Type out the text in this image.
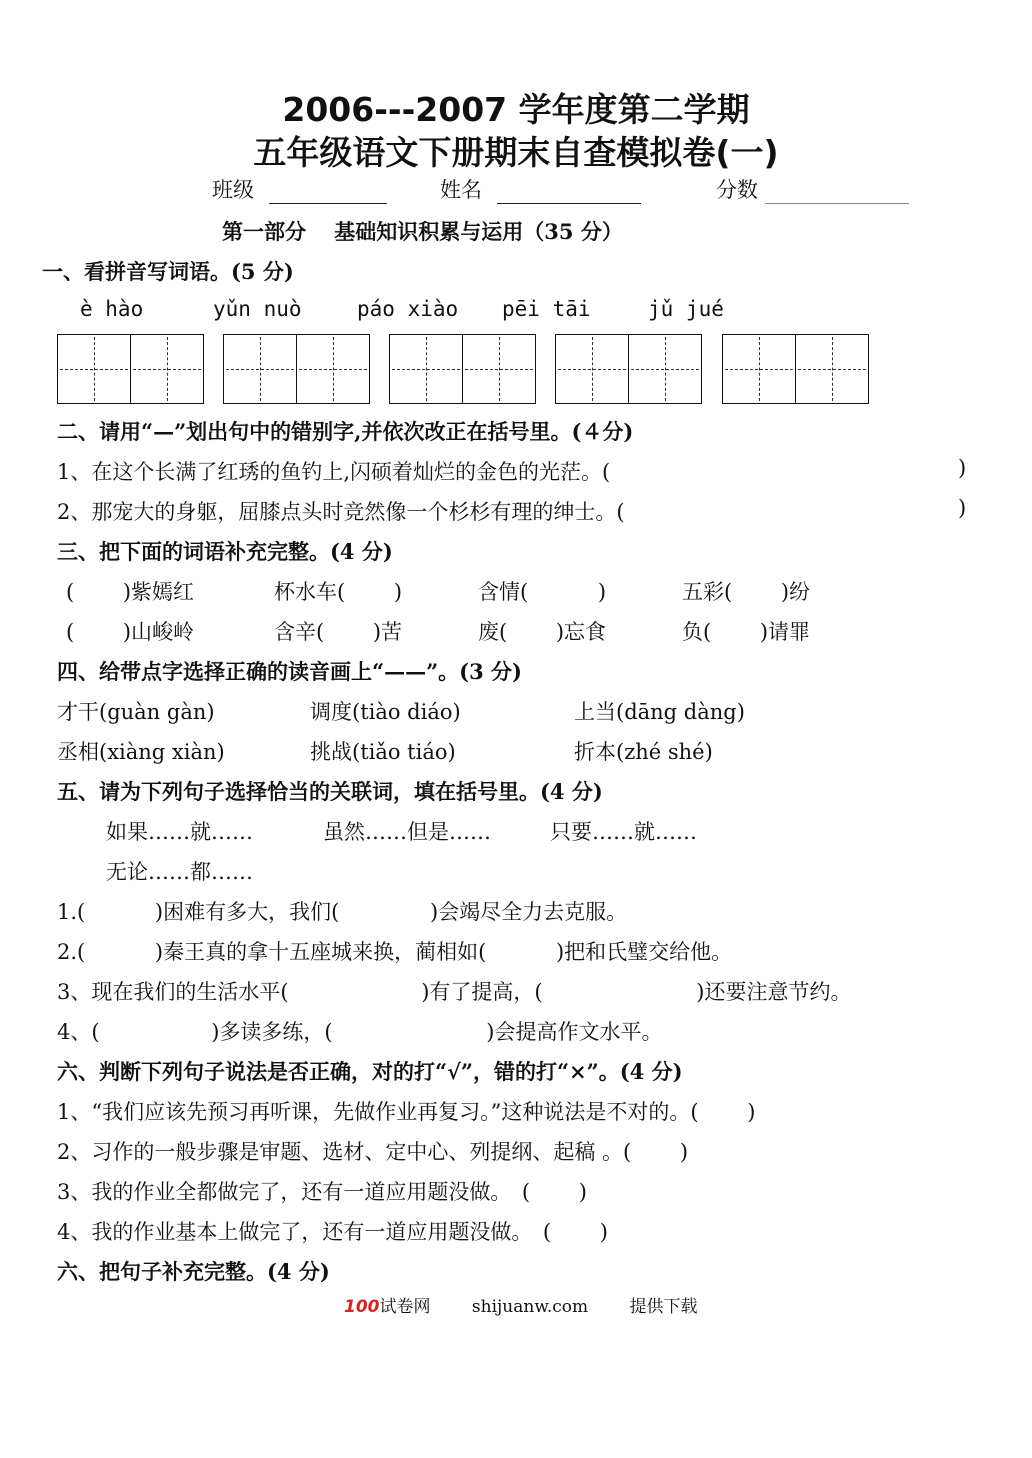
2006---2007 学年度第二学期
五年级语文下册期末自查模拟卷(一)
班级	姓名	分数
第一部分　 基础知识积累与运用（35 分）
一、看拼音写词语。(5 分)
è hào	yǔn nuò	páo xiào pēi tāi	jǔ jué
二、请用“—”划出句中的错别字,并依次改正在括号里。(４分)
1、在这个长满了红琇的鱼钓上,闪硕着灿烂的金色的光茫。(	)
2、那宠大的身躯，屈膝点头时竞然像一个杉杉有理的绅士。(	)
三、把下面的词语补充完整。(4 分)
(　　 )紫嫣红	杯水车(　　 )	含情(　　　 )	五彩(　　 )纷
(　　 )山峻岭	含辛(　　 )苦	废(　　 )忘食	负(　　 )请罪
四、给带点字选择正确的读音画上“——”。(3 分)
才干(guàn gàn)	调度(tiào diáo)	上当(dāng dàng)
丞相(xiàng xiàn)	挑战(tiǎo tiáo)	折本(zhé shé)
五、请为下列句子选择恰当的关联词，填在括号里。(4 分)
如果……就……	虽然……但是……	只要……就……
无论……都……
1.(　　　 )困难有多大，我们(　　　　 )会竭尽全力去克服。
2.(　　　 )秦王真的拿十五座城来换，蔺相如(　　　 )把和氏璧交给他。
3、现在我们的生活水平(　　　　　　 )有了提高，(　　　　　　　 )还要注意节约。
4、(　　　　　 )多读多练，(　　　　　　　 )会提高作文水平。
六、判断下列句子说法是否正确，对的打“√”，错的打“×”。(4 分)
1、“我们应该先预习再听课，先做作业再复习。”这种说法是不对的。(　　 )
2、习作的一般步骤是审题、选材、定中心、列提纲、起稿 。(　　 )
3、我的作业全都做完了，还有一道应用题没做。　(　　 )
4、我的作业基本上做完了，还有一道应用题没做。　(　　 )
六、把句子补充完整。(4 分)
100试卷网 shijuanw.com 提供下载
